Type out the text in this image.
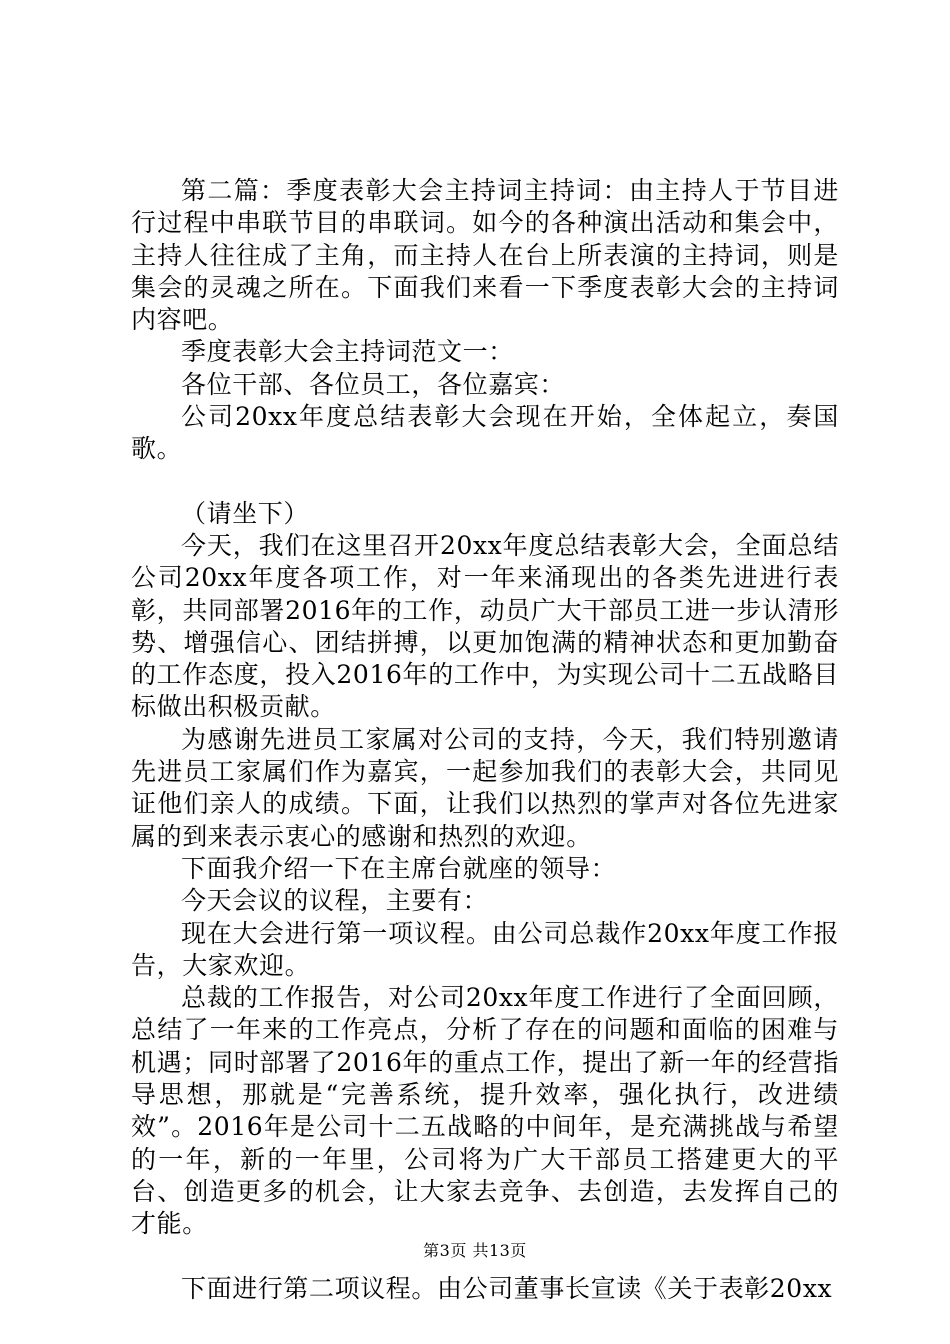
第二篇：季度表彰大会主持词主持词：由主持人于节目进行过程中串联节目的串联词。如今的各种演出活动和集会中，主持人往往成了主角，而主持人在台上所表演的主持词，则是集会的灵魂之所在。下面我们来看一下季度表彰大会的主持词内容吧。

季度表彰大会主持词范文一：

各位干部、各位员工，各位嘉宾：

公司20xx年度总结表彰大会现在开始，全体起立，奏国歌。

（请坐下）

今天，我们在这里召开20xx年度总结表彰大会，全面总结公司20xx年度各项工作，对一年来涌现出的各类先进进行表彰，共同部署2016年的工作，动员广大干部员工进一步认清形势、增强信心、团结拼搏，以更加饱满的精神状态和更加勤奋的工作态度，投入2016年的工作中，为实现公司十二五战略目标做出积极贡献。

为感谢先进员工家属对公司的支持，今天，我们特别邀请先进员工家属们作为嘉宾，一起参加我们的表彰大会，共同见证他们亲人的成绩。下面，让我们以热烈的掌声对各位先进家属的到来表示衷心的感谢和热烈的欢迎。

下面我介绍一下在主席台就座的领导：

今天会议的议程，主要有：

现在大会进行第一项议程。由公司总裁作20xx年度工作报告，大家欢迎。

总裁的工作报告，对公司20xx年度工作进行了全面回顾，总结了一年来的工作亮点，分析了存在的问题和面临的困难与机遇；同时部署了2016年的重点工作，提出了新一年的经营指导思想，那就是“完善系统，提升效率，强化执行，改进绩效”。2016年是公司十二五战略的中间年，是充满挑战与希望的一年，新的一年里，公司将为广大干部员工搭建更大的平台、创造更多的机会，让大家去竞争、去创造，去发挥自己的才能。

下面进行第二项议程。由公司董事长宣读《关于表彰20xx

第3页 共13页
